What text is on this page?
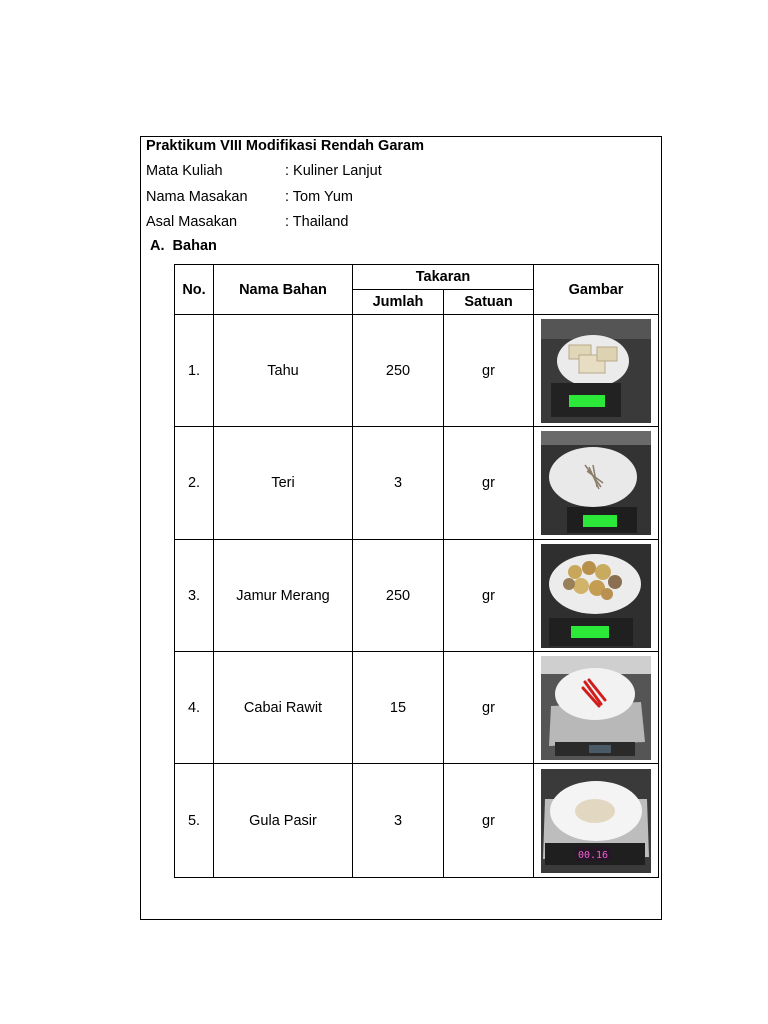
Praktikum VIII Modifikasi Rendah Garam
Mata Kuliah	: Kuliner Lanjut
Nama Masakan	: Tom Yum
Asal Masakan	: Thailand
A.  Bahan
No.	Nama Bahan	Takaran		Gambar
		Jumlah	Satuan	
1.	Tahu	250	gr	

2.	Teri	3	gr	

3.	Jamur Merang	250	gr	

4.	Cabai Rawit	15	gr	

5.	Gula Pasir	3	gr	00.16
